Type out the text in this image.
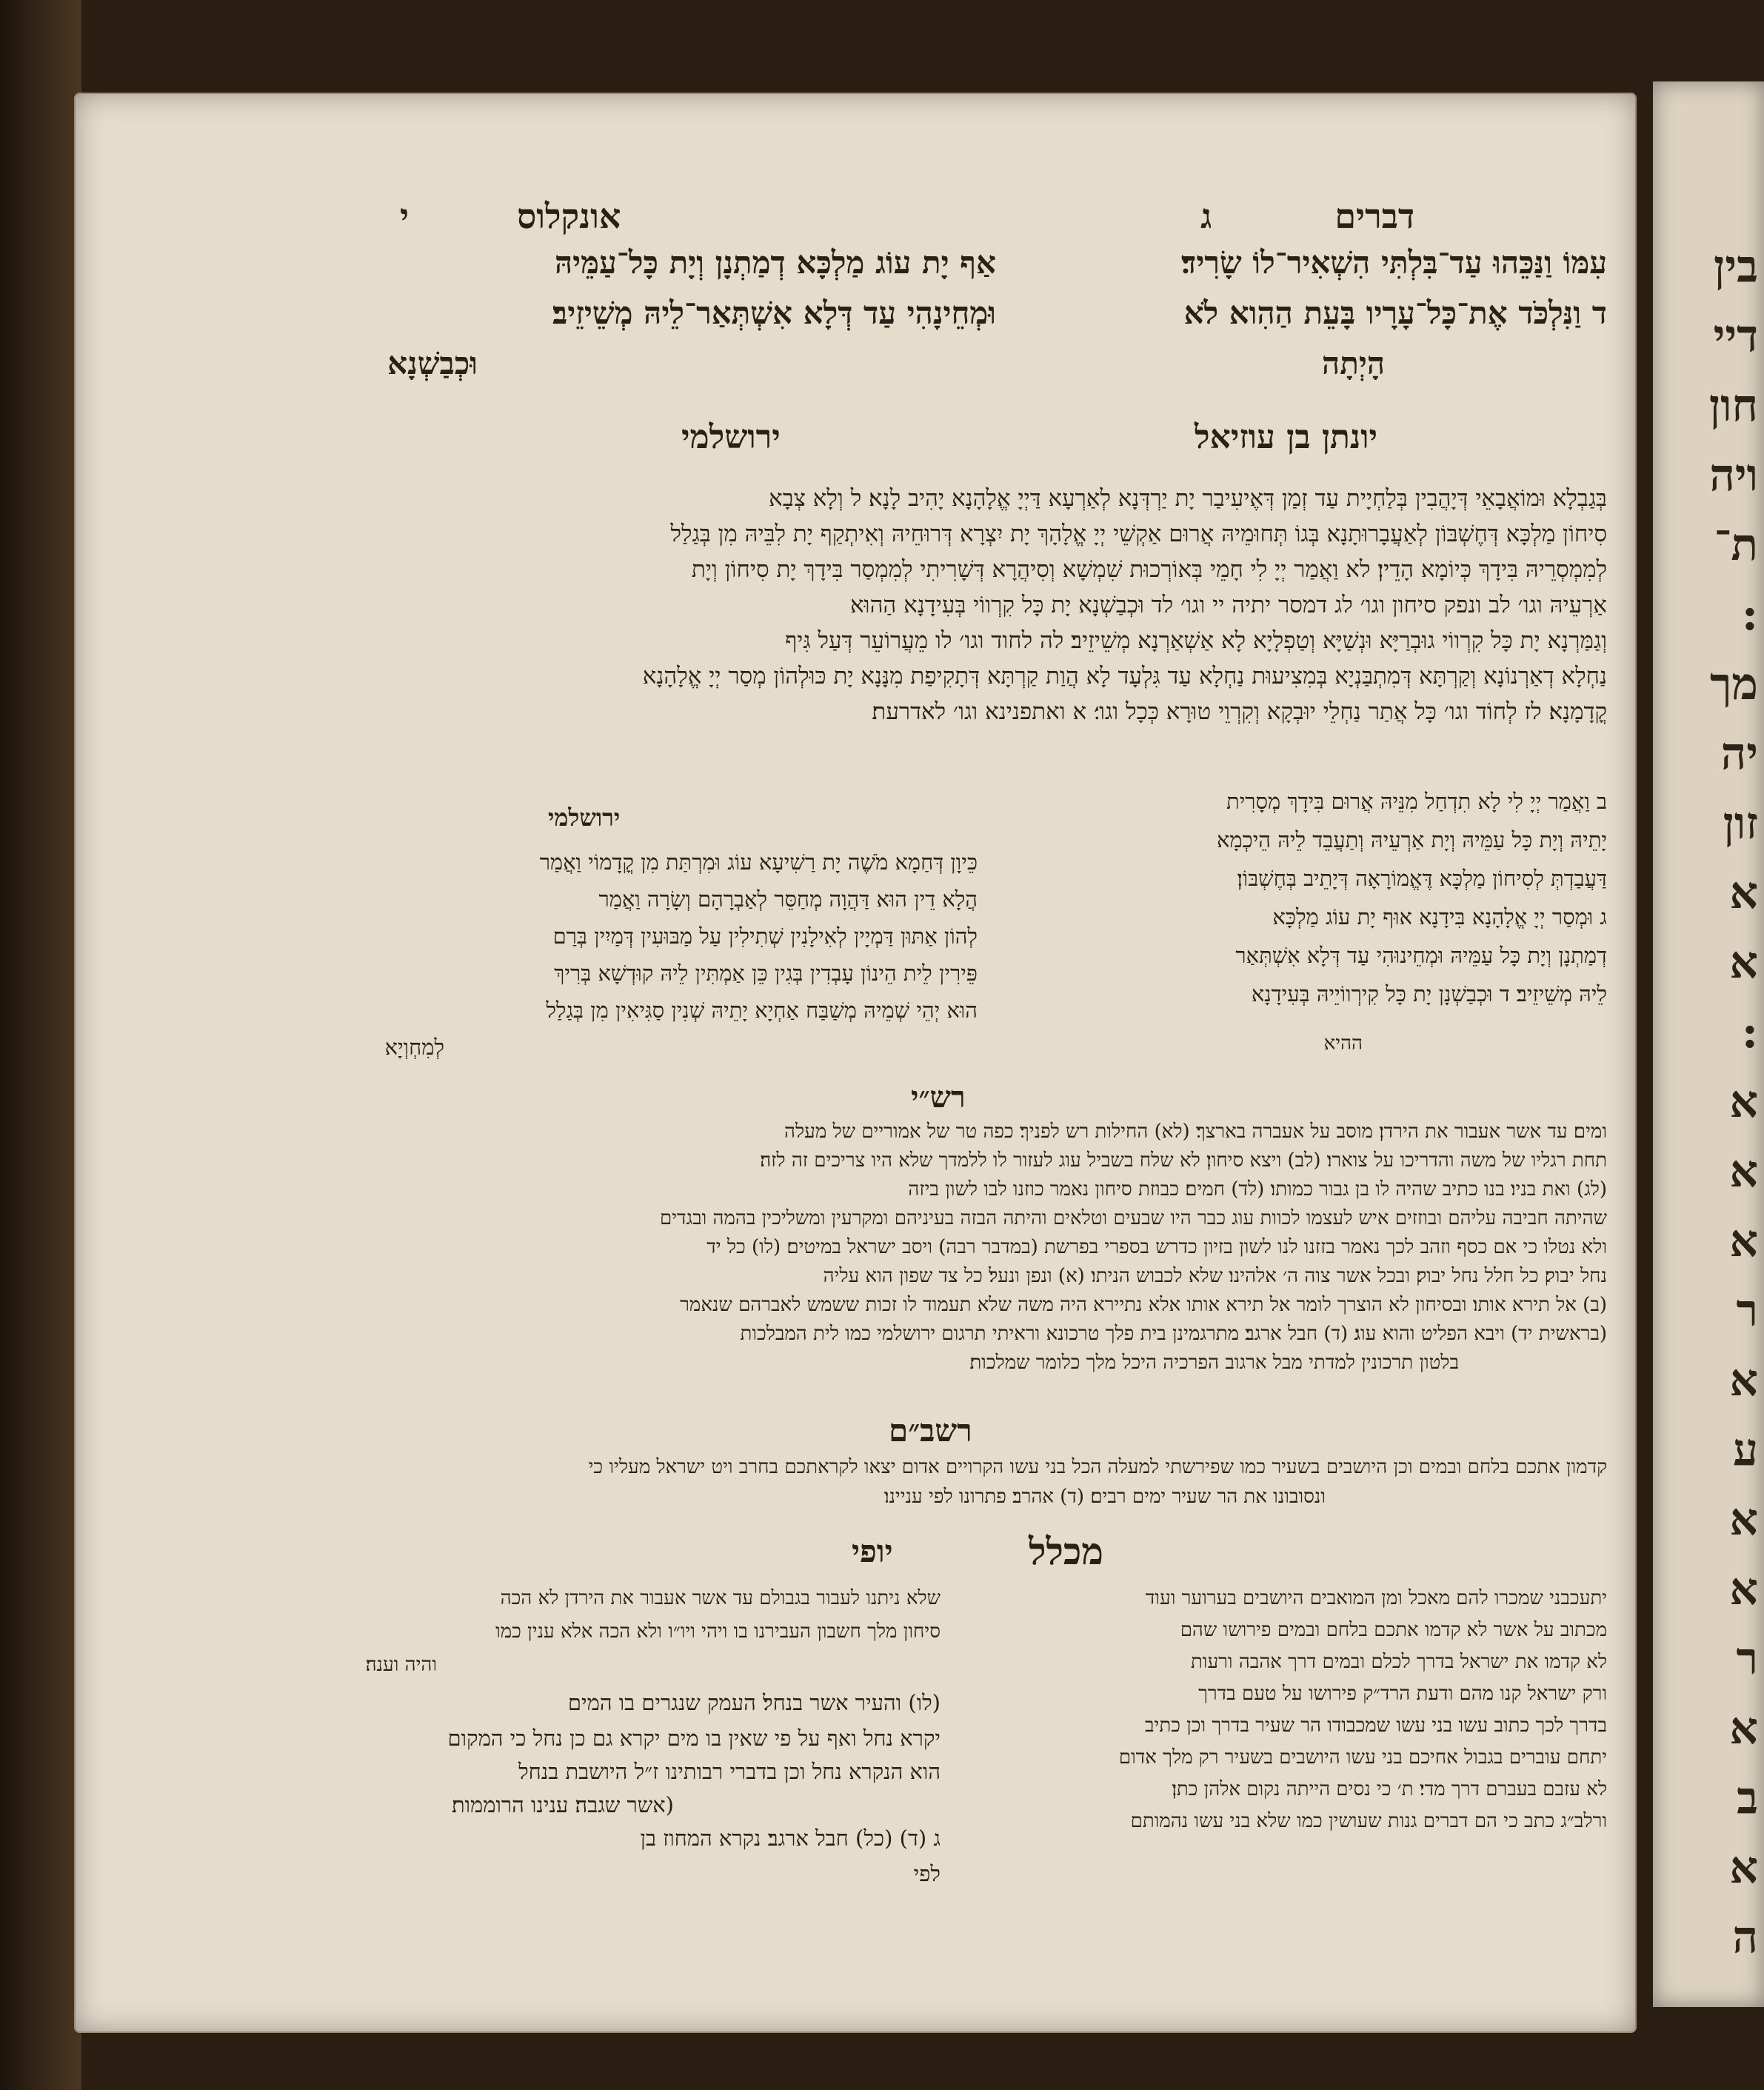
בין
דיי
חון
ויה
ת־
:
מך
יה
זון
א
א
:
א
א
א
ר
א
ע
א
א
ר
א
ב
א
ה
דברים ג
אונקלוס י
עִמּוֹ וַנַּכֵּהוּ עַד־בִּלְתִּי הִשְׁאִיר־לוֹ שָׂרִיד׃
ד וַנִּלְכֹּד אֶת־כָּל־עָרָיו בָּעֵת הַהִוא לֹא
הָיְתָה
אַף יָת עוֹג מַלְכָּא דְמַתְנָן וְיָת כָּל־עַמֵּיהּ
וּמְחֵינָהִי עַד דְּלָא אִשְׁתְּאַר־לֵיהּ מְשֵׁיזֵיב׃
וּכְבַשְׁנָא
יונתן בן עוזיאל
ירושלמי
בְּגַבְלָא וּמוֹאֲבָאֵי דְּיָהֲבִין בְּלַחְיָית עַד זְמַן דְּאֶיעִיבַר יָת יַרְדְּנָא לְאַרְעָא דַּיְיָ אֱלָהָנָא יָהִיב לָנָא׃ ל וְלָא צְבָא
סִיחוֹן מַלְכָּא דְּחֶשְׁבּוֹן לְאַעֲבָרוּתָנָא בְּגוֹ תְּחוּמֵיהּ אֲרוּם אַקְשֵׁי יְיָ אֱלָהָךְ יָת יִצְרָא דְּרוּחֵיהּ וְאִיתְקַף יָת לִבֵּיהּ מִן בְּגַלַל
לְמִמְסְרֵיהּ בִּידָךְ כְּיוֹמָא הָדֵין׃ לא וַאֲמַר יְיָ לִי חָמֵי בְּאוֹרְכוּת שִׁמְשָׁא וְסִיהֲרָא דְּשָׁרִיתִי לְמִמְסַר בִּידָךְ יָת סִיחוֹן וְיָת
אַרְעֵיהּ וגו׳ לב ונפק סיחון וגו׳ לג דמסר יתיה יי וגו׳ לד וּכְבַשְׁנָא יָת כָּל קִרְווֹי בְּעִידָנָא הַהוּא
וְגַמַּרְנָא יָת כָּל קִרְווֹי גוּבְרַיָּא וּנְשַׁיָּא וְטַפְלָיָא לָא אַשְׁאַרְנָא מְשֵׁיזֵיב׃ לה לחוד וגו׳ לו מֵעֲרוֹעֵר דְּעַל גִּיף
נַחְלָא דְאַרְנוֹנָא וְקַרְתָּא דְּמִתְבַּנְיָא בְּמִצִיעוּת נַחְלָא עַד גִּלְעָד לָא הֲוַת קַרְתָּא דְּתָקִיפַת מִנָּנָא יָת כּוּלְהוֹן מְסַר יְיָ אֱלָהָנָא
קֳדָמָנָא׃ לז לְחוֹד וגו׳ כָּל אֲתַר נַחְלֵי יוּבְקָא וְקִרְוֵי טוּרָא כְּכָל וגו׳׃ א ואתפנינא וגו׳ לאדרעת׃
ב וַאֲמַר יְיָ לִי לָא תִדְחַל מִנֵּיהּ אֲרוּם בִּידָךְ מְסָרִית
יָתֵיהּ וְיָת כָּל עַמֵּיהּ וְיָת אַרְעֵיהּ וְתַעֲבֵד לֵיהּ הֵיכְמָא
דַּעֲבַדְתְּ לְסִיחוֹן מַלְכָּא דֶּאֱמוֹרָאָה דְּיָתֵיב בְּחֶשְׁבּוֹן׃
ג וּמְסַר יְיָ אֱלָהָנָא בִּידָנָא אוּף יָת עוֹג מַלְכָּא
דְמַתְנָן וְיָת כָּל עַמֵּיהּ וּמְחֵינוּהִי עַד דְּלָא אִשְׁתְּאַר
לֵיהּ מְשֵׁיזֵיב׃ ד וּכְבַשְׁנָן יָת כָּל קִירְווֹיֵיהּ בְּעִידָנָא
ההיא
ירושלמי
כֵּיוָן דְּחַמָא מֹשֶׁה יָת רַשִׁיעָא עוֹג וּמִרְתַּת מִן קֳדָמוֹי וַאֲמַר
הֲלָא דֵין הוּא דַּהֲוָה מְחַסֵּר לְאַבְרָהָם וְשָׂרָה וַאֲמַר
לְהוֹן אַתּוּן דַּמְיָין לְאִילָנִין שְׁתִילִין עַל מַבּוּעִין דְּמַיִין בְּרַם
פֵּירִין לֵית הֵינוֹן עָבְדִין בְּגִין כֵּן אַמְתִּין לֵיהּ קוּדְשָׁא בְּרִיךְ
הוּא יְהֵי שְׁמֵיהּ מְשַׁבַּח אַחְיָא יָתֵיהּ שְׁנִין סַגִּיאִין מִן בְּגַלַל
לְמִחְוְיָא
רש״י
ומים׃ עד אשר אעבור את הירדן׃ מוסב על אעברה בארצך׃ (לא) החילות רש לפניך׃ כפה טר של אמוריים של מעלה
תחת רגליו של משה והדריכו על צוארו׃ (לב) ויצא סיחון׃ לא שלח בשביל עוג לעזור לו ללמדך שלא היו צריכים זה לזה׃
(לג) ואת בניו׃ בנו כתיב שהיה לו בן גבור כמותו׃ (לד) חמים׃ כבוזת סיחון נאמר כוזנו לבו לשון ביזה
שהיתה חביבה עליהם ובוזזים איש לעצמו לכוות עוג כבר היו שבעים וטלאים והיתה הבזה בעיניהם ומקרעין ומשליכין בהמה ובגדים
ולא נטלו כי אם כסף וזהב לכך נאמר בזזנו לנו לשון בזיון כדרש בספרי בפרשת (במדבר רבה) ויסב ישראל במיטים׃ (לו) כל יד
נחל יבוק׃ כל חלל נחל יבוק׃ ובכל אשר צוה ה׳ אלהינו׃ שלא לכבוש הניתו׃ (א) ונפן ונעל׃ כל צד שפון הוא עליה
(ב) אל תירא אותו׃ ובסיחון לא הוצרך לומר אל תירא אותו אלא נתיירא היה משה שלא תעמוד לו זכות ששמש לאברהם שנאמר
(בראשית יד) ויבא הפליט והוא עוג׃ (ד) חבל ארגב׃ מתרגמינן בית פלך טרכונא וראיתי תרגום ירושלמי כמו לית המבלכות
בלטון תרכונין למדתי מבל ארגוב הפרכיה היכל מלך כלומר שמלכות׃
רשב״ם
קדמון אתכם בלחם ובמים וכן היושבים בשעיר כמו שפירשתי למעלה הכל בני עשו הקרויים אדום יצאו לקראתכם בחרב ויט ישראל מעליו כי
ונסובונו את הר שעיר ימים רבים׃ (ד) אהרב׃ פתרונו לפי עניינו׃
מכלל
יופי
יתעכבני שמכרו להם מאכל ומן המואבים היושבים בערוער ועוד
מכתוב על אשר לא קדמו אתכם בלחם ובמים פירושו שהם
לא קדמו את ישראל בדרך לכלם ובמים דרך אהבה ורעות
ורק ישראל קנו מהם ודעת הרד״ק פירושו על טעם בדרך
בדרך לכך כתוב עשו בני עשו שמכבודו הר שעיר בדרך וכן כתיב
יתחם עוברים בגבול אחיכם בני עשו היושבים בשעיר רק מלך אדום
לא עזבם בעברם דרך מדי׃ ת׳ כי נסים הייתה נקום אלהן כתן׃
ורלב״ג כתב כי הם דברים גנות שעושין כמו שלא בני עשו נהמותם
שלא ניתנו לעבור בגבולם עד אשר אעבור את הירדן לא הכה
סיחון מלך חשבון העבירנו בו ויהי ויו״ו ולא הכה אלא ענין כמו
והיה וענה׃
(לו) והעיר אשר בנחל׃ העמק שנגרים בו המים
יקרא נחל ואף על פי שאין בו מים יקרא גם כן נחל כי המקום
הוא הנקרא נחל וכן בדברי רבותינו ז״ל היושבת בנחל
(אשר שגבה׃ ענינו הרוממות׃
ג (ד) (כל) חבל ארגב׃ נקרא המחוז בן
לפי
